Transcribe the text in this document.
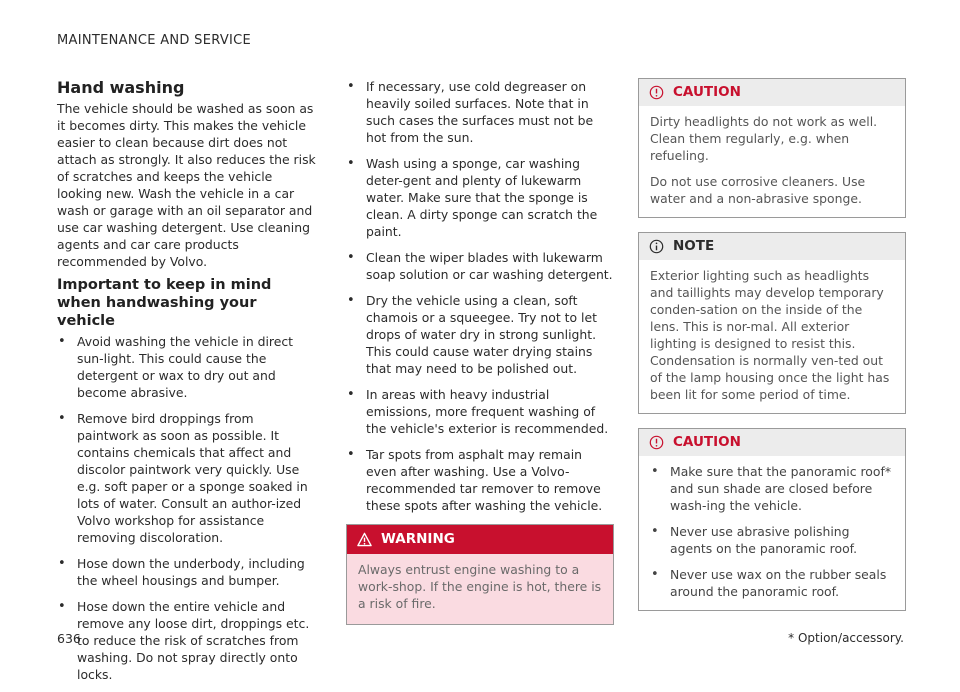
MAINTENANCE AND SERVICE
Hand washing

The vehicle should be washed as soon as it becomes dirty. This makes the vehicle easier to clean because dirt does not attach as strongly. It also reduces the risk of scratches and keeps the vehicle looking new. Wash the vehicle in a car wash or garage with an oil separator and use car washing detergent. Use cleaning agents and car care products recommended by Volvo.

Important to keep in mind when handwashing your vehicle
• Avoid washing the vehicle in direct sun-light. This could cause the detergent or wax to dry out and become abrasive.
• Remove bird droppings from paintwork as soon as possible. It contains chemicals that affect and discolor paintwork very quickly. Use e.g. soft paper or a sponge soaked in lots of water. Consult an author-ized Volvo workshop for assistance removing discoloration.
• Hose down the underbody, including the wheel housings and bumper.
• Hose down the entire vehicle and remove any loose dirt, droppings etc. to reduce the risk of scratches from washing. Do not spray directly onto locks.
• If necessary, use cold degreaser on heavily soiled surfaces. Note that in such cases the surfaces must not be hot from the sun.
• Wash using a sponge, car washing deter-gent and plenty of lukewarm water. Make sure that the sponge is clean. A dirty sponge can scratch the paint.
• Clean the wiper blades with lukewarm soap solution or car washing detergent.
• Dry the vehicle using a clean, soft chamois or a squeegee. Try not to let drops of water dry in strong sunlight. This could cause water drying stains that may need to be polished out.
• In areas with heavy industrial emissions, more frequent washing of the vehicle's exterior is recommended.
• Tar spots from asphalt may remain even after washing. Use a Volvo-recommended tar remover to remove these spots after washing the vehicle.
WARNING

Always entrust engine washing to a work-shop. If the engine is hot, there is a risk of fire.

CAUTION

Dirty headlights do not work as well. Clean them regularly, e.g. when refueling.

Do not use corrosive cleaners. Use water and a non-abrasive sponge.

NOTE

Exterior lighting such as headlights and taillights may develop temporary conden-sation on the inside of the lens. This is nor-mal. All exterior lighting is designed to resist this. Condensation is normally ven-ted out of the lamp housing once the light has been lit for some period of time.

CAUTION
• Make sure that the panoramic roof* and sun shade are closed before wash-ing the vehicle.
• Never use abrasive polishing agents on the panoramic roof.
• Never use wax on the rubber seals around the panoramic roof.
636	* Option/accessory.
